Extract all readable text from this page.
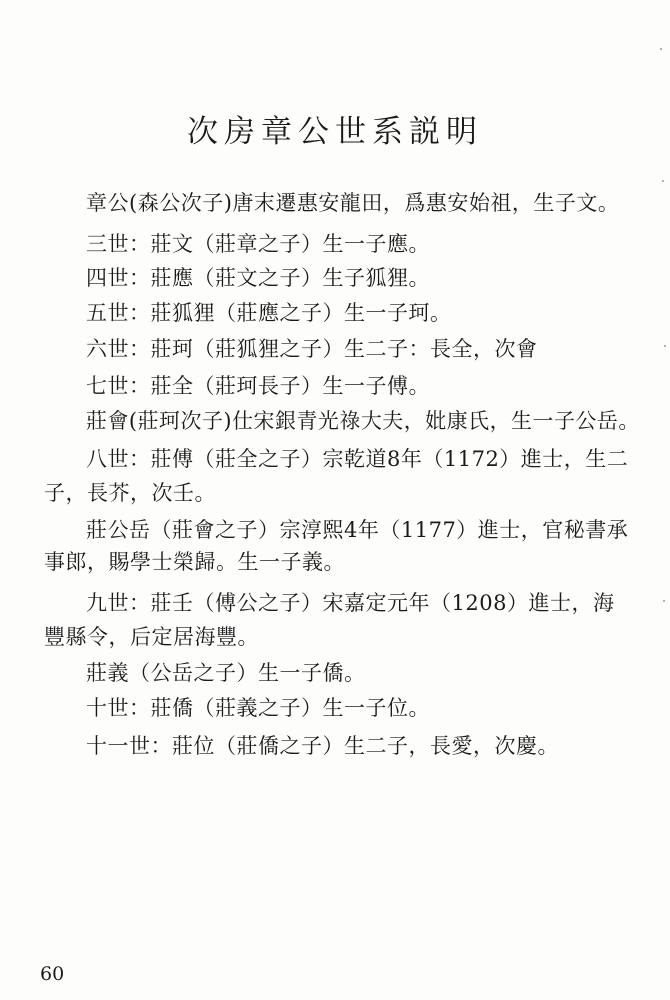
次房章公世系説明
章公(森公次子)唐末遷惠安龍田，爲惠安始祖，生子文。
三世：莊文（莊章之子）生一子應。
四世：莊應（莊文之子）生子狐狸。
五世：莊狐狸（莊應之子）生一子珂。
六世：莊珂（莊狐狸之子）生二子：長全，次會
七世：莊全（莊珂長子）生一子傅。
莊會(莊珂次子)仕宋銀青光祿大夫，妣康氏，生一子公岳。
八世：莊傅（莊全之子）宗乾道8年（1172）進士，生二
子，長芥，次壬。
莊公岳（莊會之子）宗淳熙4年（1177）進士，官秘書承
事郎，賜學士榮歸。生一子義。
九世：莊壬（傅公之子）宋嘉定元年（1208）進士，海
豐縣令，后定居海豐。
莊義（公岳之子）生一子僑。
十世：莊僑（莊義之子）生一子位。
十一世：莊位（莊僑之子）生二子，長愛，次慶。
60
